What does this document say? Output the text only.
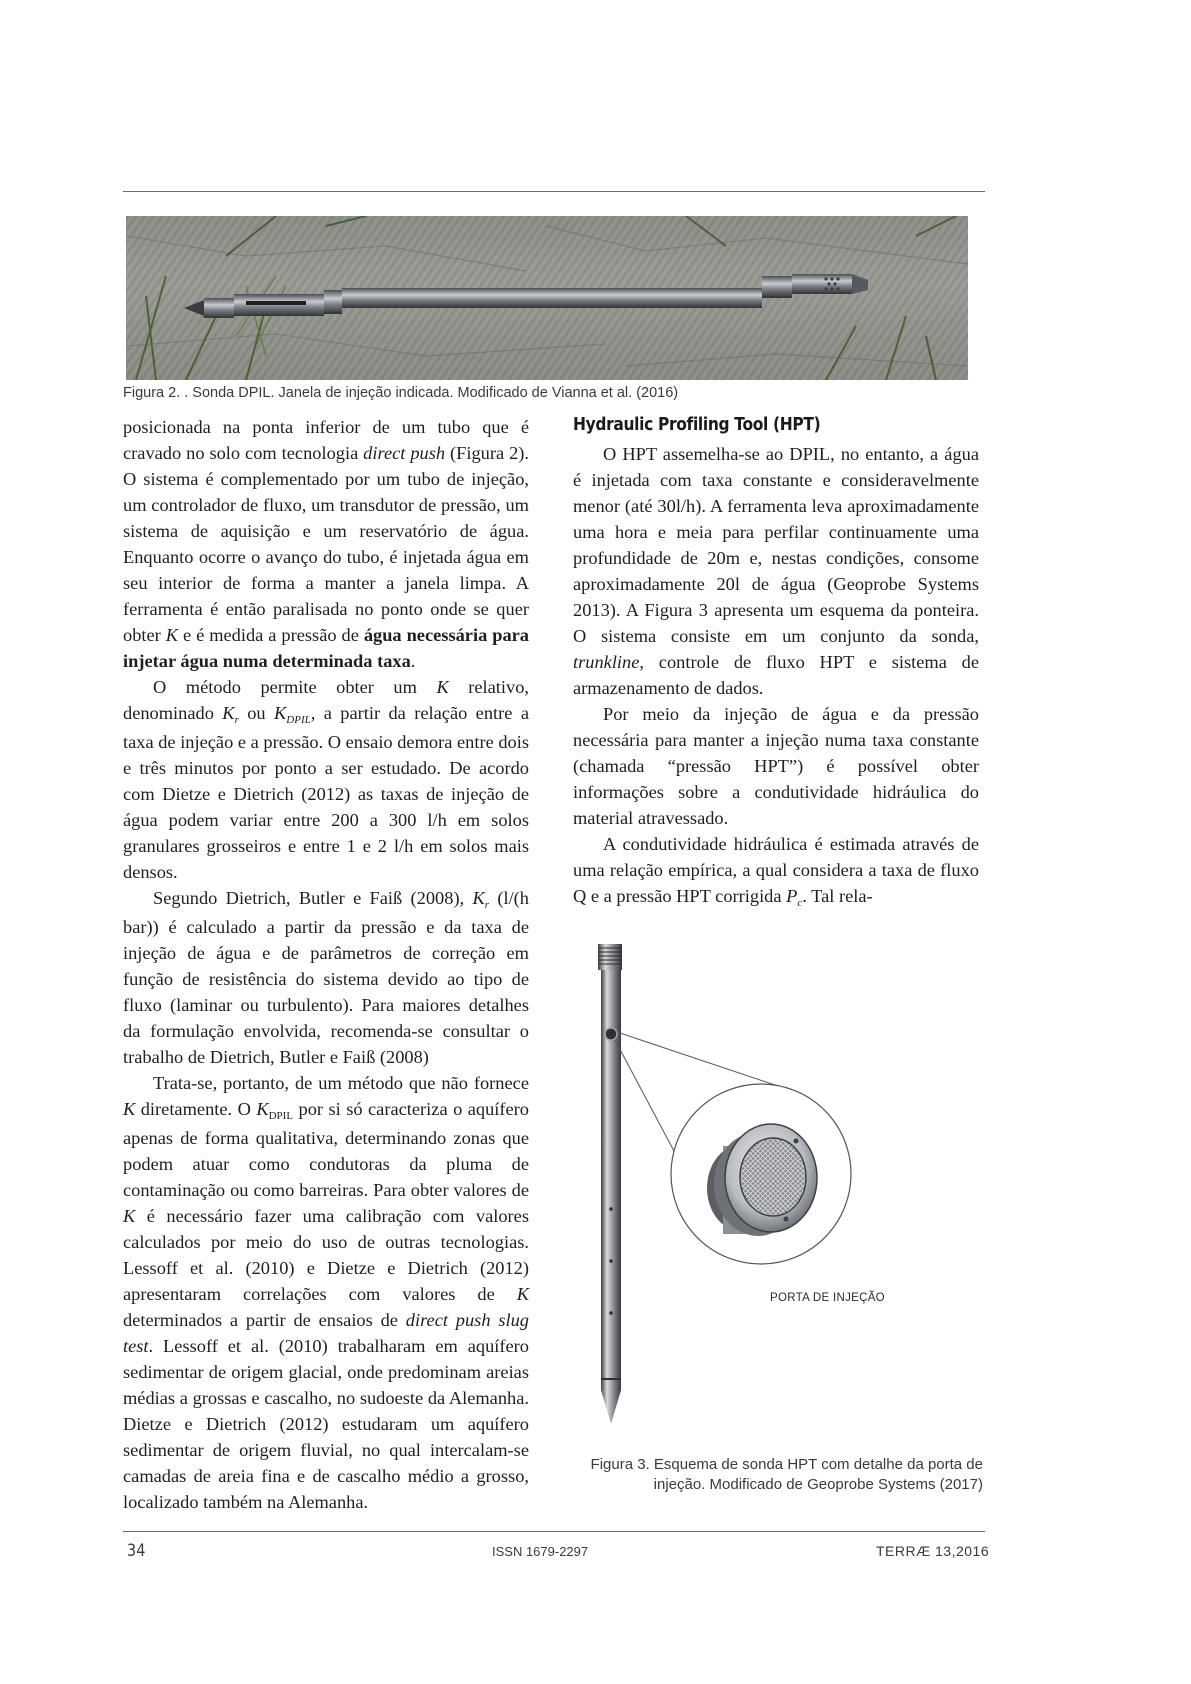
Figura 2. . Sonda DPIL. Janela de injeção indicada. Modificado de Vianna et al. (2016)

posicionada na ponta inferior de um tubo que é cravado no solo com tecnologia direct push (Figura 2). O sistema é complementado por um tubo de injeção, um controlador de fluxo, um transdutor de pressão, um sistema de aquisição e um reservatório de água. Enquanto ocorre o avanço do tubo, é injetada água em seu interior de forma a manter a janela limpa. A ferramenta é então paralisada no ponto onde se quer obter K e é medida a pressão de água necessária para injetar água numa determinada taxa.

O método permite obter um K relativo, denominado $K_r$ ou $K_{DPIL}$, a partir da relação entre a taxa de injeção e a pressão. O ensaio demora entre dois e três minutos por ponto a ser estudado. De acordo com Dietze e Dietrich (2012) as taxas de injeção de água podem variar entre 200 a 300 l/h em solos granulares grosseiros e entre 1 e 2 l/h em solos mais densos.

Segundo Dietrich, Butler e Faiß (2008), $K_r$ (l/(h bar)) é calculado a partir da pressão e da taxa de injeção de água e de parâmetros de correção em função de resistência do sistema devido ao tipo de fluxo (laminar ou turbulento). Para maiores detalhes da formulação envolvida, recomenda-se consultar o trabalho de Dietrich, Butler e Faiß (2008)

Trata-se, portanto, de um método que não fornece K diretamente. O $K_{DPIL}$ por si só caracteriza o aquífero apenas de forma qualitativa, determinando zonas que podem atuar como condutoras da pluma de contaminação ou como barreiras. Para obter valores de K é necessário fazer uma calibração com valores calculados por meio do uso de outras tecnologias. Lessoff et al. (2010) e Dietze e Dietrich (2012) apresentaram correlações com valores de K determinados a partir de ensaios de direct push slug test. Lessoff et al. (2010) trabalharam em aquífero sedimentar de origem glacial, onde predominam areias médias a grossas e cascalho, no sudoeste da Alemanha. Dietze e Dietrich (2012) estudaram um aquífero sedimentar de origem fluvial, no qual intercalam-se camadas de areia fina e de cascalho médio a grosso, localizado também na Alemanha.

Hydraulic Profiling Tool (HPT)

O HPT assemelha-se ao DPIL, no entanto, a água é injetada com taxa constante e consideravelmente menor (até 30l/h). A ferramenta leva aproximadamente uma hora e meia para perfilar continuamente uma profundidade de 20m e, nestas condições, consome aproximadamente 20l de água (Geoprobe Systems 2013). A Figura 3 apresenta um esquema da ponteira. O sistema consiste em um conjunto da sonda, trunkline, controle de fluxo HPT e sistema de armazenamento de dados.

Por meio da injeção de água e da pressão necessária para manter a injeção numa taxa constante (chamada “pressão HPT”) é possível obter informações sobre a condutividade hidráulica do material atravessado.

A condutividade hidráulica é estimada através de uma relação empírica, a qual considera a taxa de fluxo Q e a pressão HPT corrigida $P_c$. Tal rela-

PORTA DE INJEÇÃO
Figura 3. Esquema de sonda HPT com detalhe da porta de
injeção. Modificado de Geoprobe Systems (2017)
34	ISSN 1679-2297	TERRÆ 13,2016
